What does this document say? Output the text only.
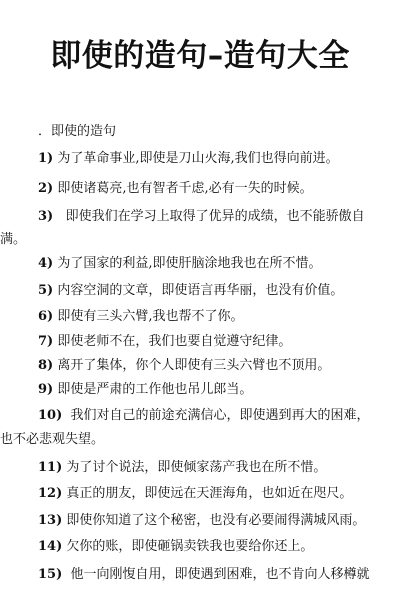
即使的造句–造句大全
．即使的造句
1) 为了革命事业,即使是刀山火海,我们也得向前进。
2) 即使诸葛亮,也有智者千虑,必有一失的时候。
3) 即使我们在学习上取得了优异的成绩，也不能骄傲自
满。
4) 为了国家的利益,即使肝脑涂地我也在所不惜。
5) 内容空洞的文章，即使语言再华丽，也没有价值。
6) 即使有三头六臂,我也帮不了你。
7) 即使老师不在，我们也要自觉遵守纪律。
8) 离开了集体，你个人即使有三头六臂也不顶用。
9) 即使是严肃的工作他也吊儿郎当。
10) 我们对自己的前途充满信心，即使遇到再大的困难，
也不必悲观失望。
11) 为了讨个说法，即使倾家荡产我也在所不惜。
12) 真正的朋友，即使远在天涯海角，也如近在咫尺。
13) 即使你知道了这个秘密，也没有必要闹得满城风雨。
14) 欠你的账，即使砸锅卖铁我也要给你还上。
15) 他一向刚愎自用，即使遇到困难，也不肯向人移樽就
